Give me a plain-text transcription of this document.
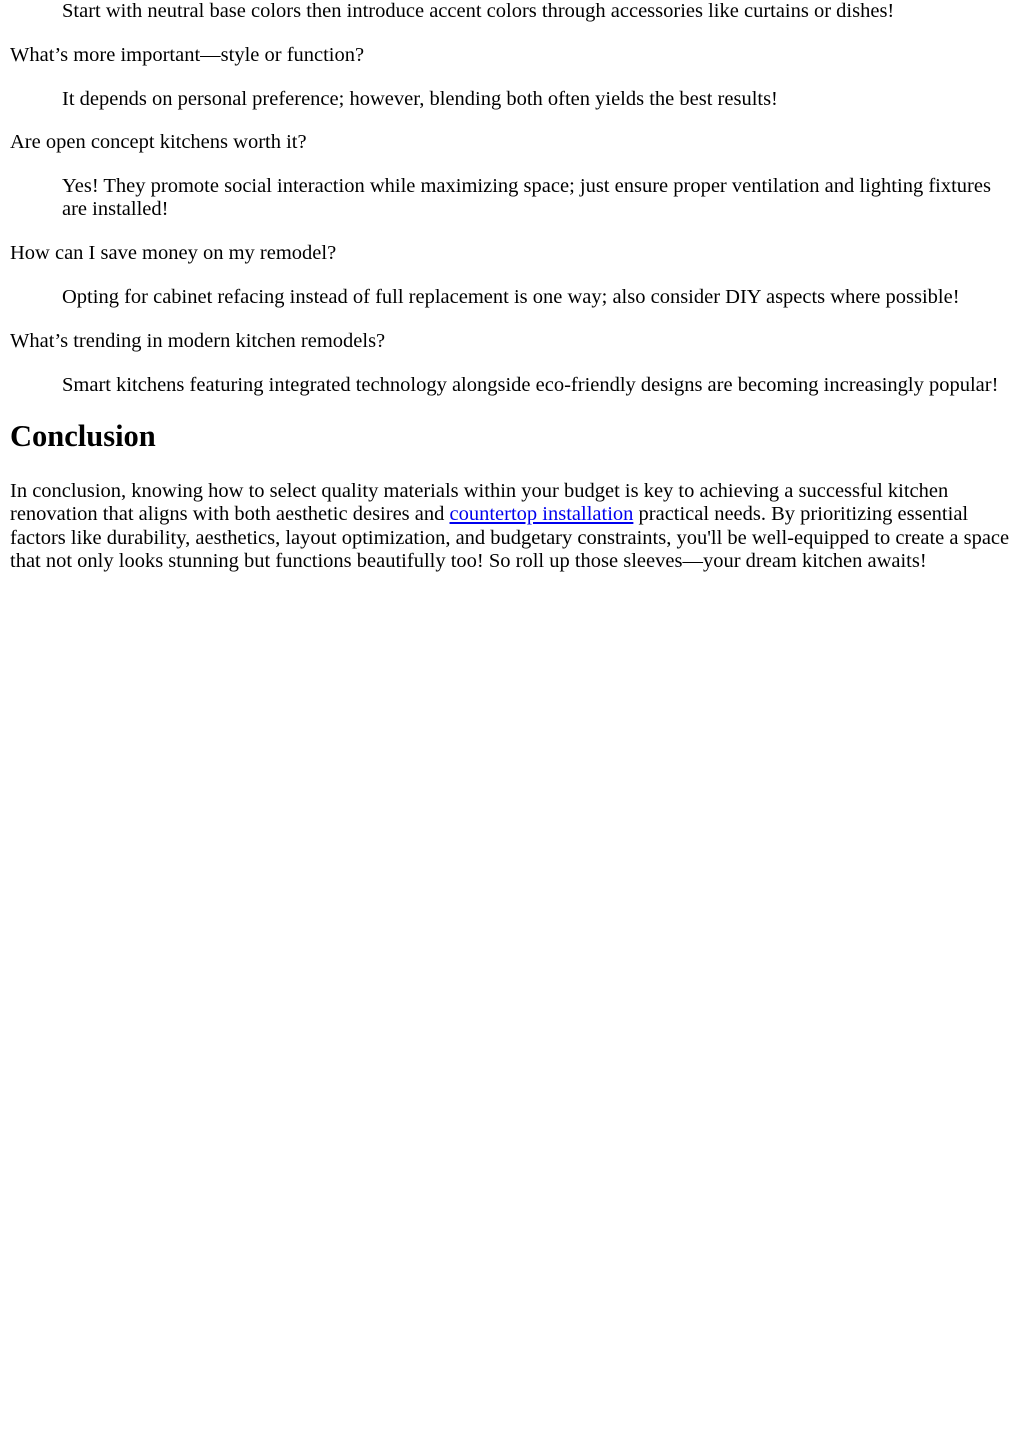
Start with neutral base colors then introduce accent colors through accessories like curtains or dishes!
What’s more important—style or function?
It depends on personal preference; however, blending both often yields the best results!
Are open concept kitchens worth it?
Yes! They promote social interaction while maximizing space; just ensure proper ventilation and lighting fixtures are installed!
How can I save money on my remodel?
Opting for cabinet refacing instead of full replacement is one way; also consider DIY aspects where possible!
What’s trending in modern kitchen remodels?
Smart kitchens featuring integrated technology alongside eco-friendly designs are becoming increasingly popular!
Conclusion

In conclusion, knowing how to select quality materials within your budget is key to achieving a successful kitchen renovation that aligns with both aesthetic desires and countertop installation practical needs. By prioritizing essential factors like durability, aesthetics, layout optimization, and budgetary constraints, you'll be well-equipped to create a space that not only looks stunning but functions beautifully too! So roll up those sleeves—your dream kitchen awaits!
